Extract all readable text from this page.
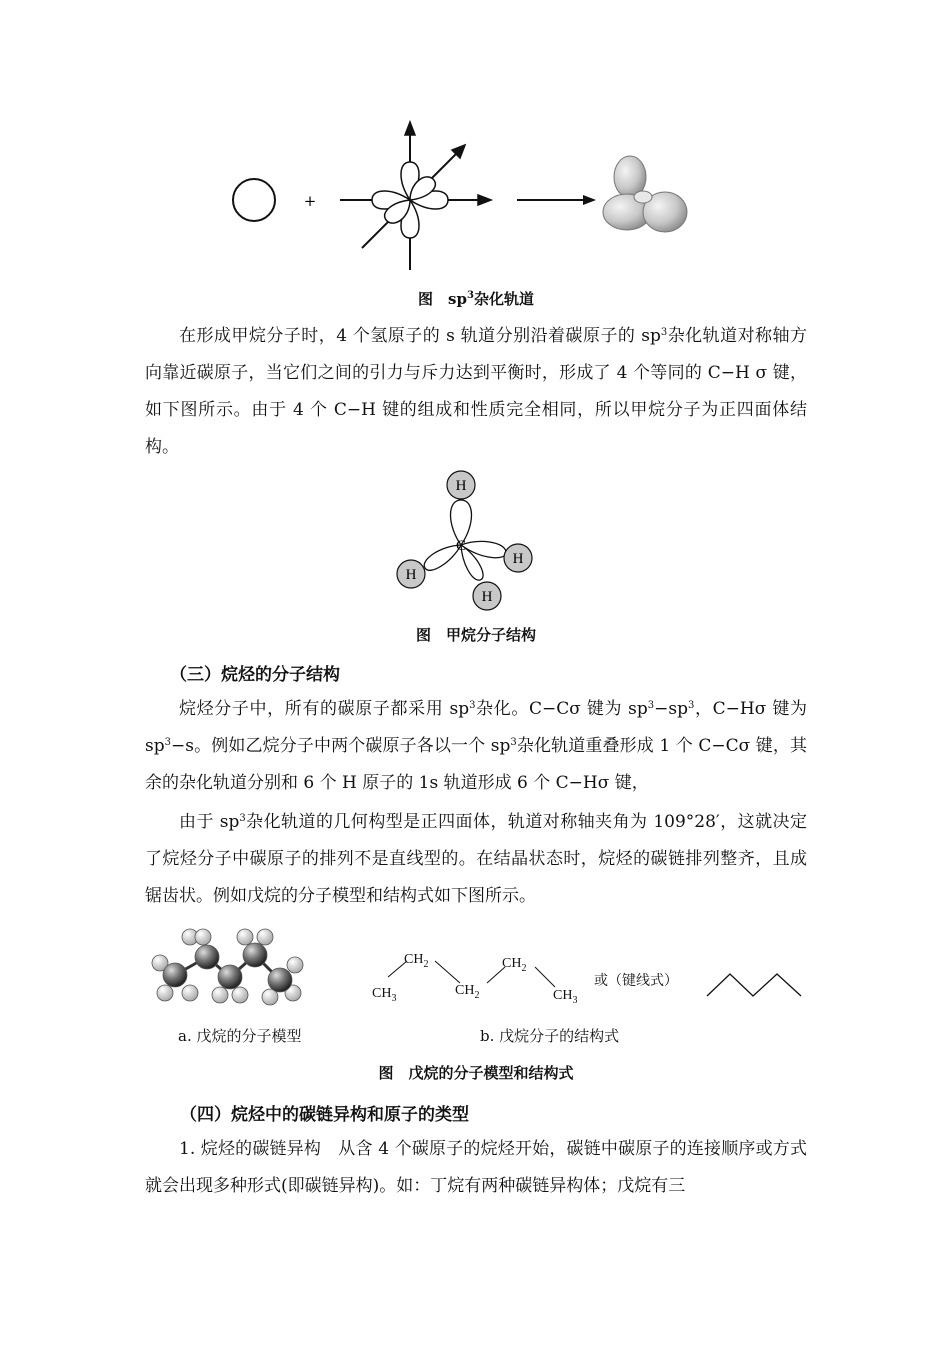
+
图　$sp^3$杂化轨道
在形成甲烷分子时，4 个氢原子的 s 轨道分别沿着碳原子的 $sp^3$杂化轨道对称轴方向靠近碳原子，当它们之间的引力与斥力达到平衡时，形成了 4 个等同的 C−H σ 键，如下图所示。由于 4 个 C−H 键的组成和性质完全相同，所以甲烷分子为正四面体结构。
H
H
H
H
C
图　甲烷分子结构
（三）烷烃的分子结构
烷烃分子中，所有的碳原子都采用 $sp^3$杂化。C−Cσ 键为 $sp^3-sp^3$，C−Hσ 键为 $sp^3-s$。例如乙烷分子中两个碳原子各以一个 $sp^3$杂化轨道重叠形成 1 个 C−Cσ 键，其余的杂化轨道分别和 6 个 H 原子的 1s 轨道形成 6 个 C−Hσ 键，
由于 $sp^3$杂化轨道的几何构型是正四面体，轨道对称轴夹角为 109°28′，这就决定了烷烃分子中碳原子的排列不是直线型的。在结晶状态时，烷烃的碳链排列整齐，且成锯齿状。例如戊烷的分子模型和结构式如下图所示。
$CH_3$
$CH_2$
$CH_2$
$CH_2$
$CH_3$
或（键线式）
a. 戊烷的分子模型	b. 戊烷分子的结构式
图　戊烷的分子模型和结构式
（四）烷烃中的碳链异构和原子的类型
1. 烷烃的碳链异构　从含 4 个碳原子的烷烃开始，碳链中碳原子的连接顺序或方式就会出现多种形式(即碳链异构)。如：丁烷有两种碳链异构体；戊烷有三
